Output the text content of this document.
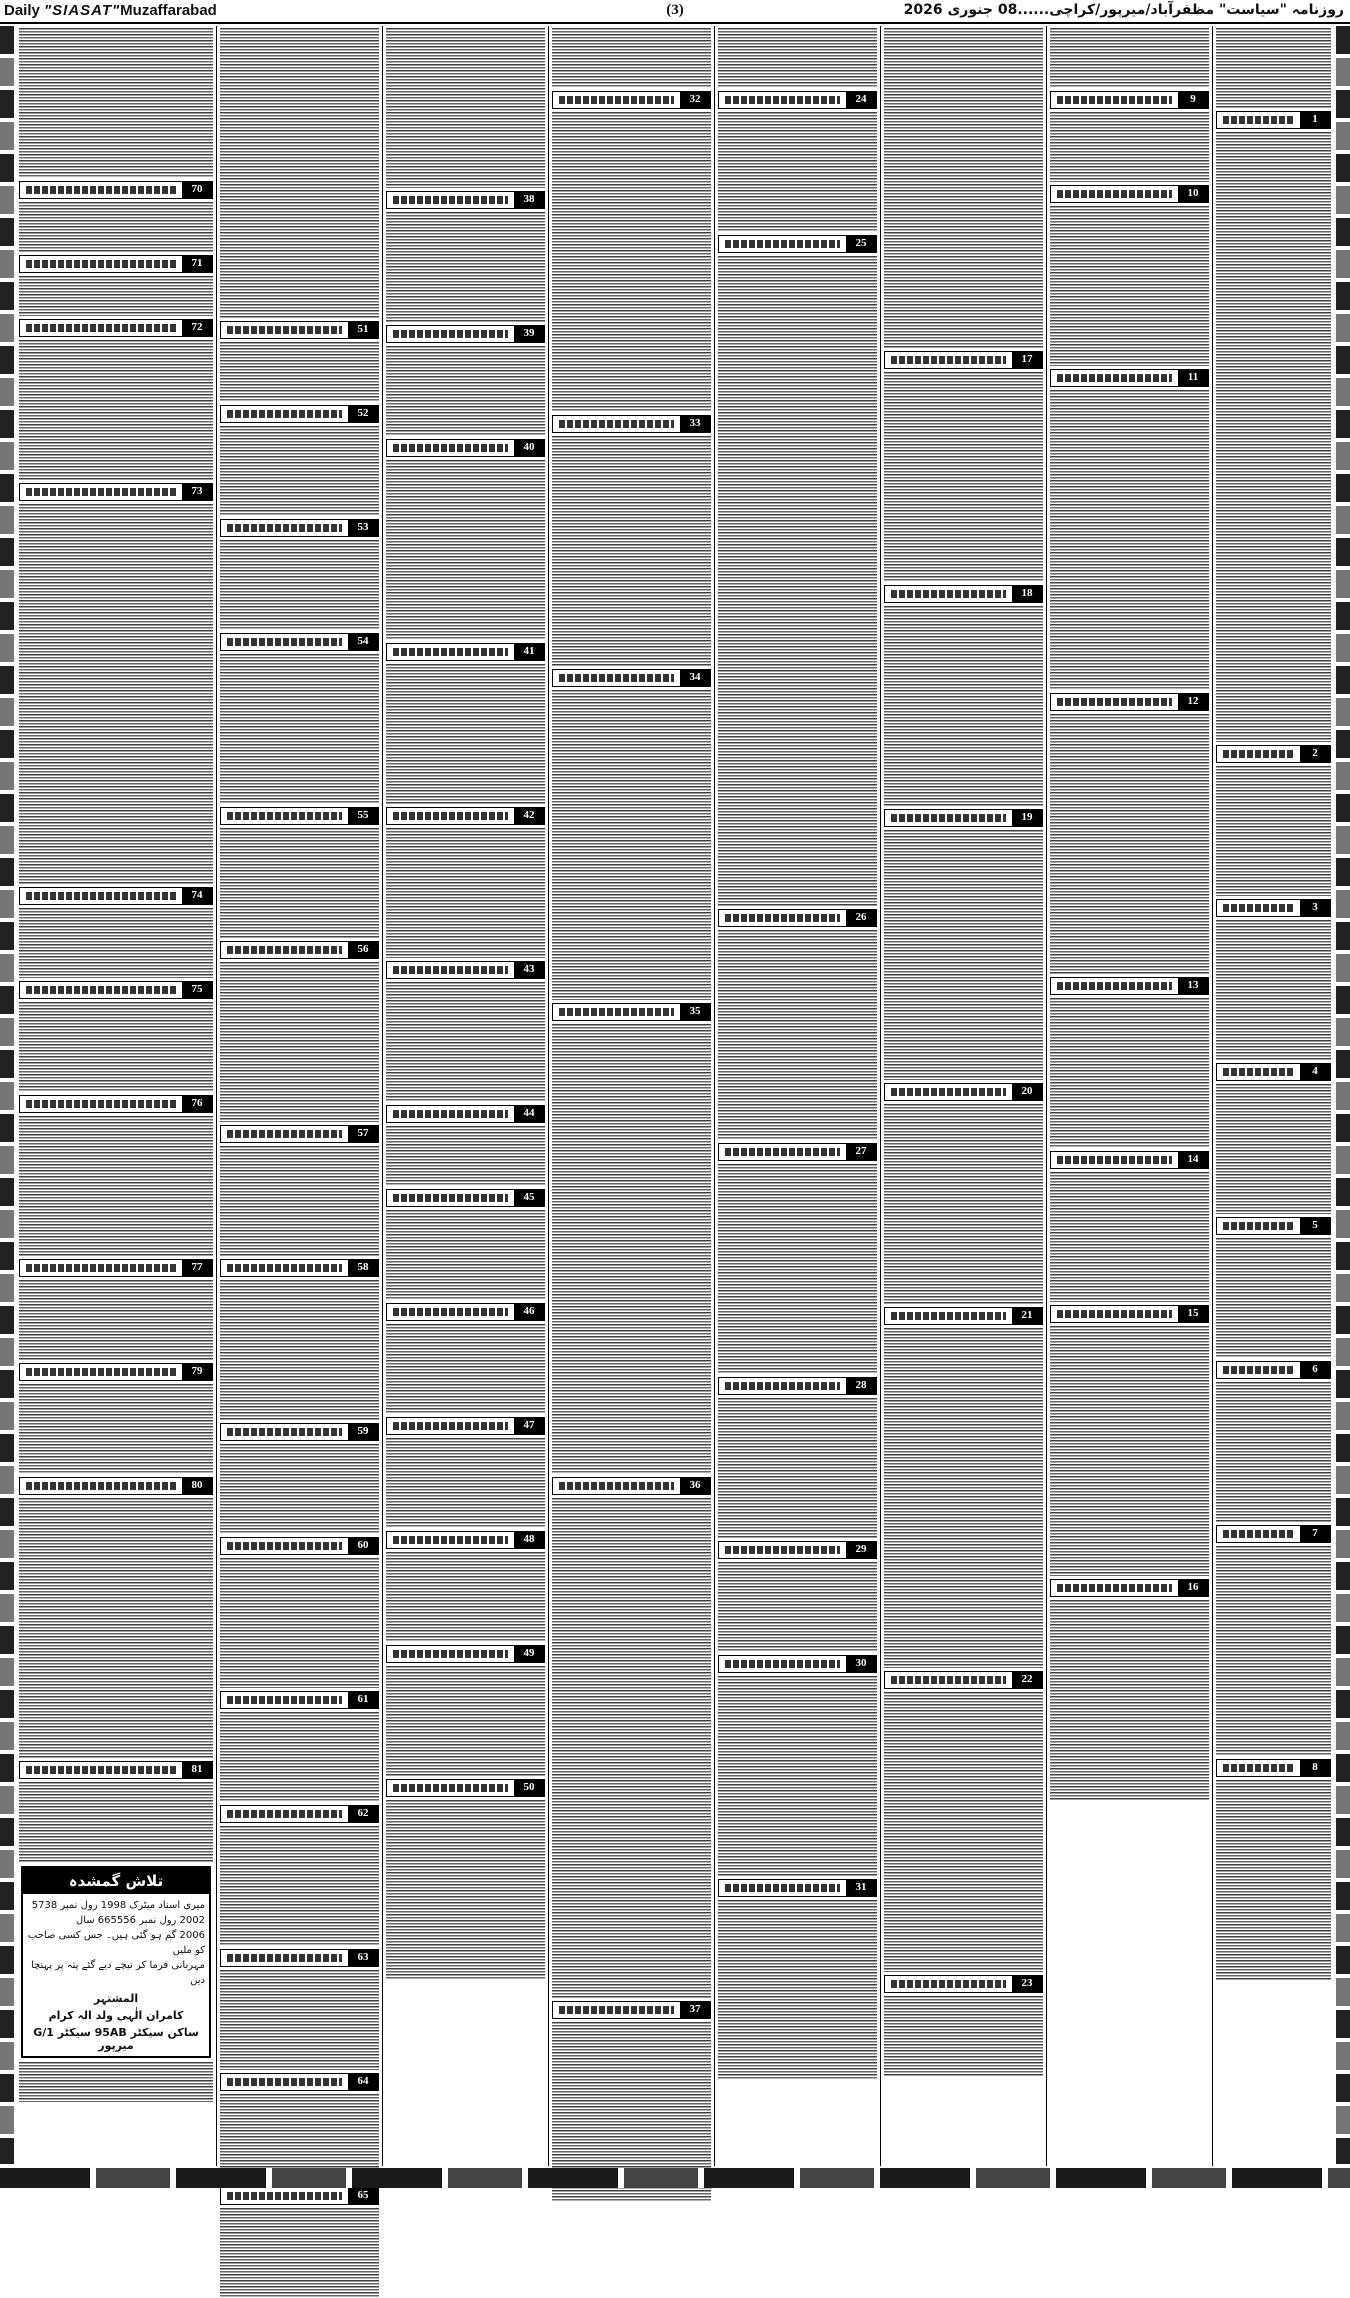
Daily "SIASAT"Muzaffarabad	(3)	روزنامہ "سیاست" مظفرآباد/میرپور/کراچی......08 جنوری 2026
1
2
3
4
5
6
7
8
9
10
11
12
13
14
15
16
17
18
19
20
21
22
23
24
25
26
27
28
29
30
31
32
33
34
35
36
37
38
39
40
41
42
43
44
45
46
47
48
49
50
51
52
53
54
55
56
57
58
59
60
61
62
63
64
65
70
71
72
73
74
75
76
77
79
80
81
تلاش گمشدہ
میری اسناد میٹرک 1998 رول نمبر 5738
2002 رول نمبر 665556 سال
2006 گم ہو گئی ہیں۔ جس کسی صاحب کو ملیں
مہربانی فرما کر نیچے دیے گئے پتہ پر پہنچا دیں
المشتہر
کامران الٰہی ولد الہ کرام
ساکن سیکٹر 95AB سیکٹر G/1 میرپور
